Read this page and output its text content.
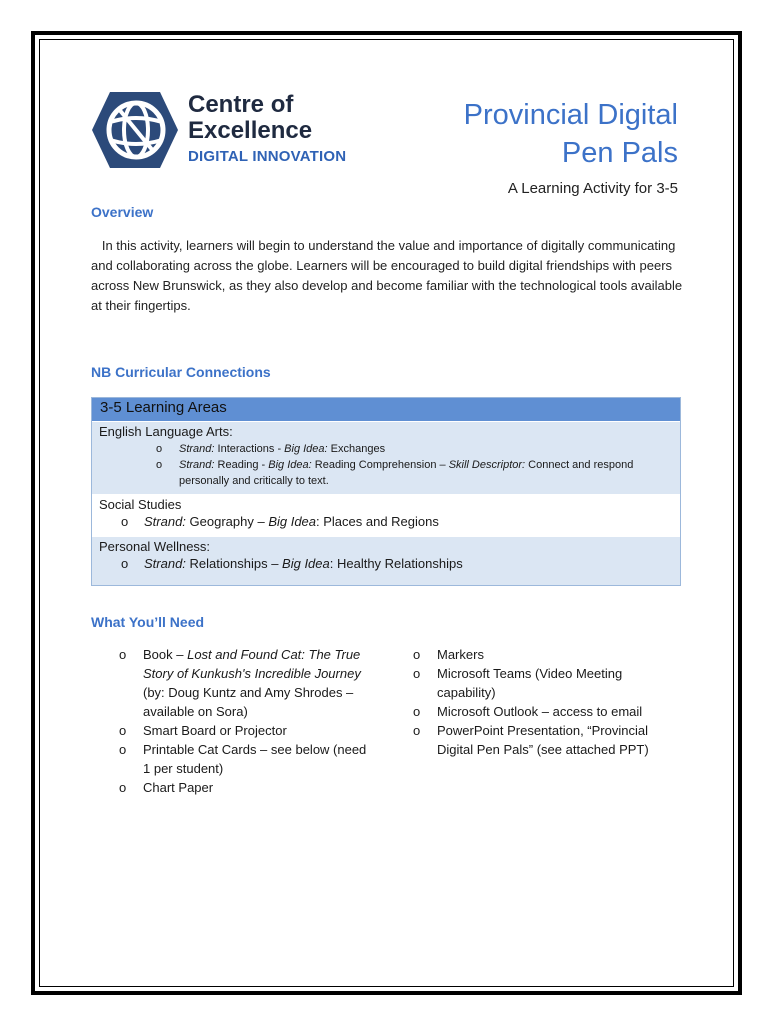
Centre of
Excellence
DIGITAL INNOVATION
Provincial Digital
Pen Pals
A Learning Activity for 3-5
Overview
In this activity, learners will begin to understand the value and importance of digitally communicating and collaborating across the globe. Learners will be encouraged to build digital friendships with peers across New Brunswick, as they also develop and become familiar with the technological tools available at their fingertips.
NB Curricular Connections
3-5 Learning Areas
English Language Arts:
o	Strand: Interactions - Big Idea: Exchanges
o	Strand: Reading - Big Idea: Reading Comprehension – Skill Descriptor: Connect and respond
personally and critically to text.
Social Studies
o	Strand: Geography – Big Idea: Places and Regions
Personal Wellness:
o	Strand: Relationships – Big Idea: Healthy Relationships
What You’ll Need
o	Book – Lost and Found Cat: The True
Story of Kunkush's Incredible Journey
(by: Doug Kuntz and Amy Shrodes –
available on Sora)
o	Smart Board or Projector
o	Printable Cat Cards – see below (need
1 per student)
o	Chart Paper
o	Markers
o	Microsoft Teams (Video Meeting
capability)
o	Microsoft Outlook – access to email
o	PowerPoint Presentation, “Provincial
Digital Pen Pals” (see attached PPT)
